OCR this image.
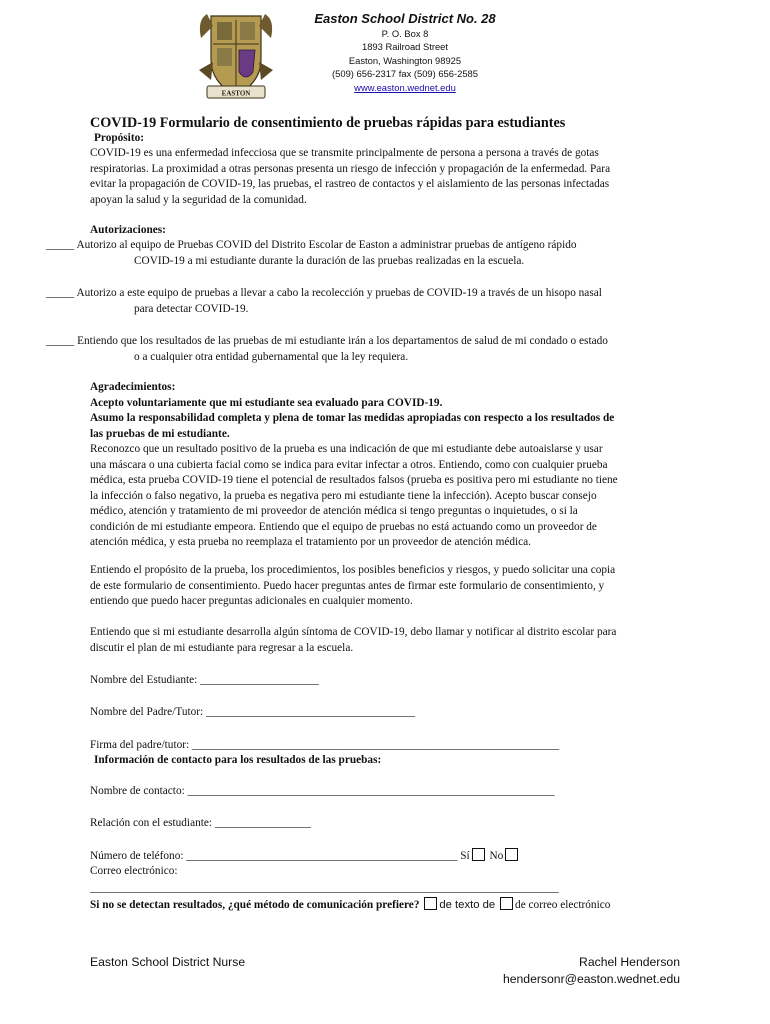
EASTON
Easton School District No. 28
P. O. Box 8
1893 Railroad Street
Easton, Washington 98925
(509) 656-2317 fax (509) 656-2585
www.easton.wednet.edu
COVID-19 Formulario de consentimiento de pruebas rápidas para estudiantes
Propósito:
COVID-19 es una enfermedad infecciosa que se transmite principalmente de persona a persona a través de gotas
respiratorias. La proximidad a otras personas presenta un riesgo de infección y propagación de la enfermedad. Para
evitar la propagación de COVID-19, las pruebas, el rastreo de contactos y el aislamiento de las personas infectadas
apoyan la salud y la seguridad de la comunidad.
Autorizaciones:
_____ Autorizo al equipo de Pruebas COVID del Distrito Escolar de Easton a administrar pruebas de antígeno rápido
COVID-19 a mi estudiante durante la duración de las pruebas realizadas en la escuela.
_____ Autorizo a este equipo de pruebas a llevar a cabo la recolección y pruebas de COVID-19 a través de un hisopo nasal
para detectar COVID-19.
_____ Entiendo que los resultados de las pruebas de mi estudiante irán a los departamentos de salud de mi condado o estado
o a cualquier otra entidad gubernamental que la ley requiera.
Agradecimientos:
Acepto voluntariamente que mi estudiante sea evaluado para COVID-19.
Asumo la responsabilidad completa y plena de tomar las medidas apropiadas con respecto a los resultados de
las pruebas de mi estudiante.
Reconozco que un resultado positivo de la prueba es una indicación de que mi estudiante debe autoaislarse y usar
una máscara o una cubierta facial como se indica para evitar infectar a otros. Entiendo, como con cualquier prueba
médica, esta prueba COVID-19 tiene el potencial de resultados falsos (prueba es positiva pero mi estudiante no tiene
la infección o falso negativo, la prueba es negativa pero mi estudiante tiene la infección). Acepto buscar consejo
médico, atención y tratamiento de mi proveedor de atención médica si tengo preguntas o inquietudes, o si la
condición de mi estudiante empeora. Entiendo que el equipo de pruebas no está actuando como un proveedor de
atención médica, y esta prueba no reemplaza el tratamiento por un proveedor de atención médica.
Entiendo el propósito de la prueba, los procedimientos, los posibles beneficios y riesgos, y puedo solicitar una copia
de este formulario de consentimiento. Puedo hacer preguntas antes de firmar este formulario de consentimiento, y
entiendo que puedo hacer preguntas adicionales en cualquier momento.
Entiendo que si mi estudiante desarrolla algún síntoma de COVID-19, debo llamar y notificar al distrito escolar para
discutir el plan de mi estudiante para regresar a la escuela.
Nombre del Estudiante: _____________________
Nombre del Padre/Tutor: _____________________________________
Firma del padre/tutor: _________________________________________________________________
Información de contacto para los resultados de las pruebas:
Nombre de contacto: _________________________________________________________________
Relación con el estudiante: _________________
Número de teléfono: ________________________________________________ Sí No
Correo electrónico:
___________________________________________________________________________________
Si no se detectan resultados, ¿qué método de comunicación prefiere? de texto de de correo electrónico
Easton School District Nurse	Rachel Henderson
hendersonr@easton.wednet.edu
